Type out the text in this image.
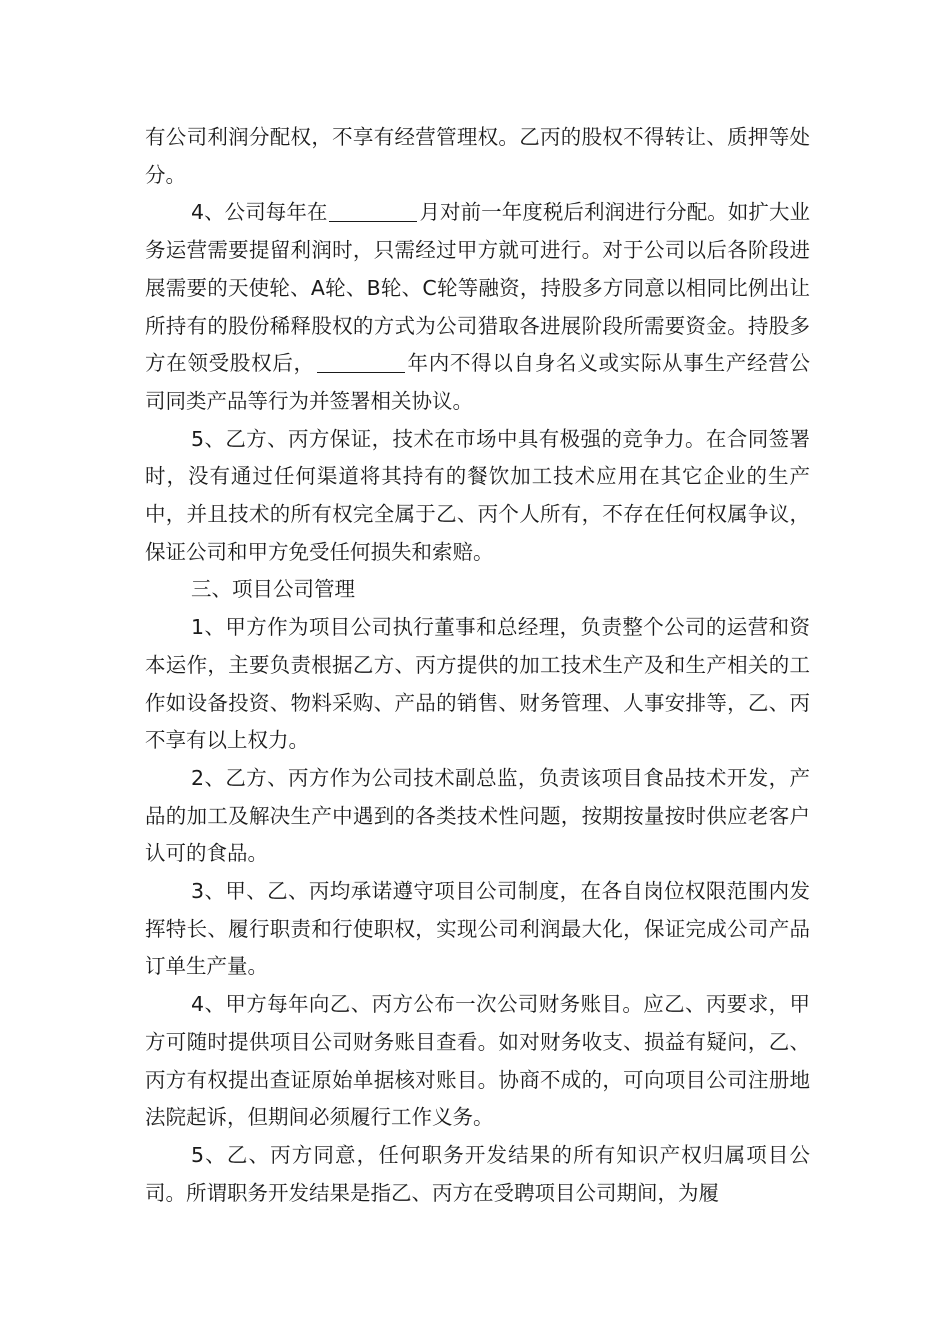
有公司利润分配权，不享有经营管理权。乙丙的股权不得转让、质押等处分。

4、公司每年在	月对前一年度税后利润进行分配。如扩大业务运营需要提留利润时，只需经过甲方就可进行。对于公司以后各阶段进展需要的天使轮、A轮、B轮、C轮等融资，持股多方同意以相同比例出让所持有的股份稀释股权的方式为公司猎取各进展阶段所需要资金。持股多方在领受股权后，	年内不得以自身名义或实际从事生产经营公司同类产品等行为并签署相关协议。

5、乙方、丙方保证，技术在市场中具有极强的竞争力。在合同签署时，没有通过任何渠道将其持有的餐饮加工技术应用在其它企业的生产中，并且技术的所有权完全属于乙、丙个人所有，不存在任何权属争议，保证公司和甲方免受任何损失和索赔。

三、项目公司管理

1、甲方作为项目公司执行董事和总经理，负责整个公司的运营和资本运作，主要负责根据乙方、丙方提供的加工技术生产及和生产相关的工作如设备投资、物料采购、产品的销售、财务管理、人事安排等，乙、丙不享有以上权力。

2、乙方、丙方作为公司技术副总监，负责该项目食品技术开发，产品的加工及解决生产中遇到的各类技术性问题，按期按量按时供应老客户认可的食品。

3、甲、乙、丙均承诺遵守项目公司制度，在各自岗位权限范围内发挥特长、履行职责和行使职权，实现公司利润最大化，保证完成公司产品订单生产量。

4、甲方每年向乙、丙方公布一次公司财务账目。应乙、丙要求，甲方可随时提供项目公司财务账目查看。如对财务收支、损益有疑问，乙、丙方有权提出查证原始单据核对账目。协商不成的，可向项目公司注册地法院起诉，但期间必须履行工作义务。

5、乙、丙方同意，任何职务开发结果的所有知识产权归属项目公司。所谓职务开发结果是指乙、丙方在受聘项目公司期间，为履
